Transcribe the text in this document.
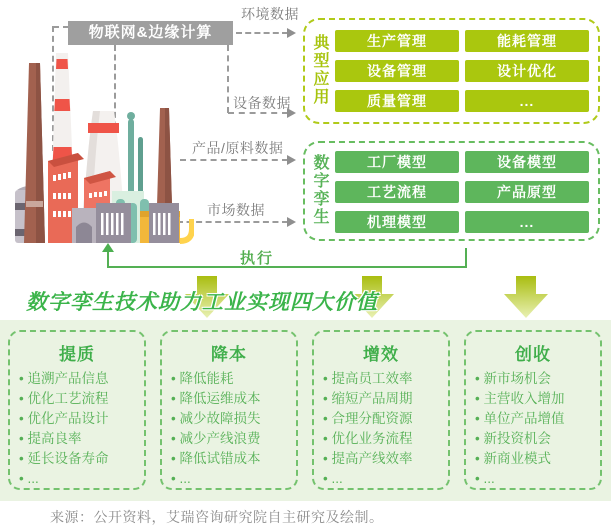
环境数据
设备数据
产品/原料数据
市场数据
物联网&边缘计算
执行
典型应用
生产管理	能耗管理
设备管理	设计优化
质量管理	...
数字孪生
工厂模型	设备模型
工艺流程	产品原型
机理模型	...
数字孪生技术助力工业实现四大价值
提质
• 追溯产品信息
• 优化工艺流程
• 优化产品设计
• 提高良率
• 延长设备寿命
• ...
降本
• 降低能耗
• 降低运维成本
• 减少故障损失
• 减少产线浪费
• 降低试错成本
• ...
增效
• 提高员工效率
• 缩短产品周期
• 合理分配资源
• 优化业务流程
• 提高产线效率
• ...
创收
• 新市场机会
• 主营收入增加
• 单位产品增值
• 新投资机会
• 新商业模式
• ...
来源：公开资料，艾瑞咨询研究院自主研究及绘制。
